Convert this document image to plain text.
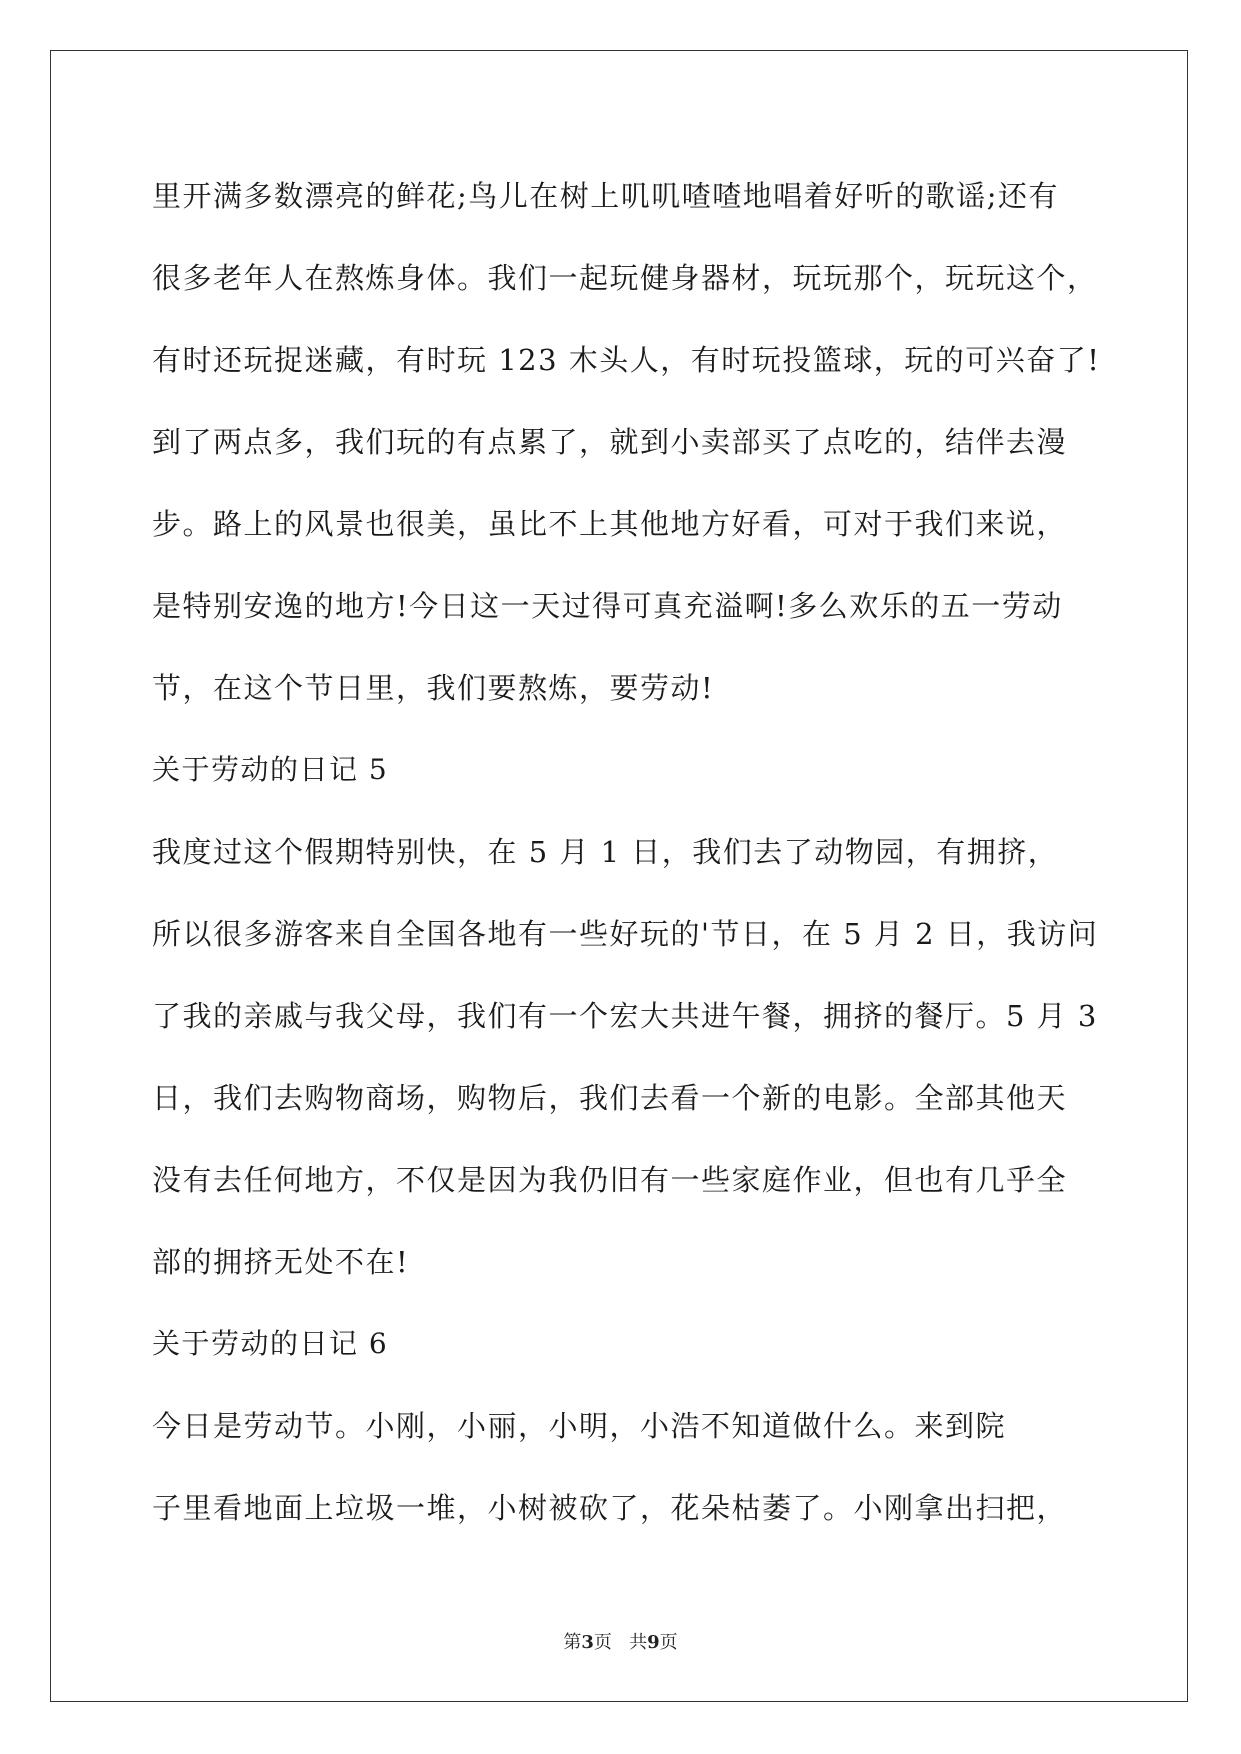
里开满多数漂亮的鲜花;鸟儿在树上叽叽喳喳地唱着好听的歌谣;还有
很多老年人在熬炼身体。我们一起玩健身器材，玩玩那个，玩玩这个，
有时还玩捉迷藏，有时玩 123 木头人，有时玩投篮球，玩的可兴奋了!
到了两点多，我们玩的有点累了，就到小卖部买了点吃的，结伴去漫
步。路上的风景也很美，虽比不上其他地方好看，可对于我们来说，
是特别安逸的地方!今日这一天过得可真充溢啊!多么欢乐的五一劳动
节，在这个节日里，我们要熬炼，要劳动!
关于劳动的日记 5
我度过这个假期特别快，在 5 月 1 日，我们去了动物园，有拥挤，
所以很多游客来自全国各地有一些好玩的'节日，在 5 月 2 日，我访问
了我的亲戚与我父母，我们有一个宏大共进午餐，拥挤的餐厅。5 月 3
日，我们去购物商场，购物后，我们去看一个新的电影。全部其他天
没有去任何地方，不仅是因为我仍旧有一些家庭作业，但也有几乎全
部的拥挤无处不在!
关于劳动的日记 6
今日是劳动节。小刚，小丽，小明，小浩不知道做什么。来到院
子里看地面上垃圾一堆，小树被砍了，花朵枯萎了。小刚拿出扫把，
第3页   共9页
